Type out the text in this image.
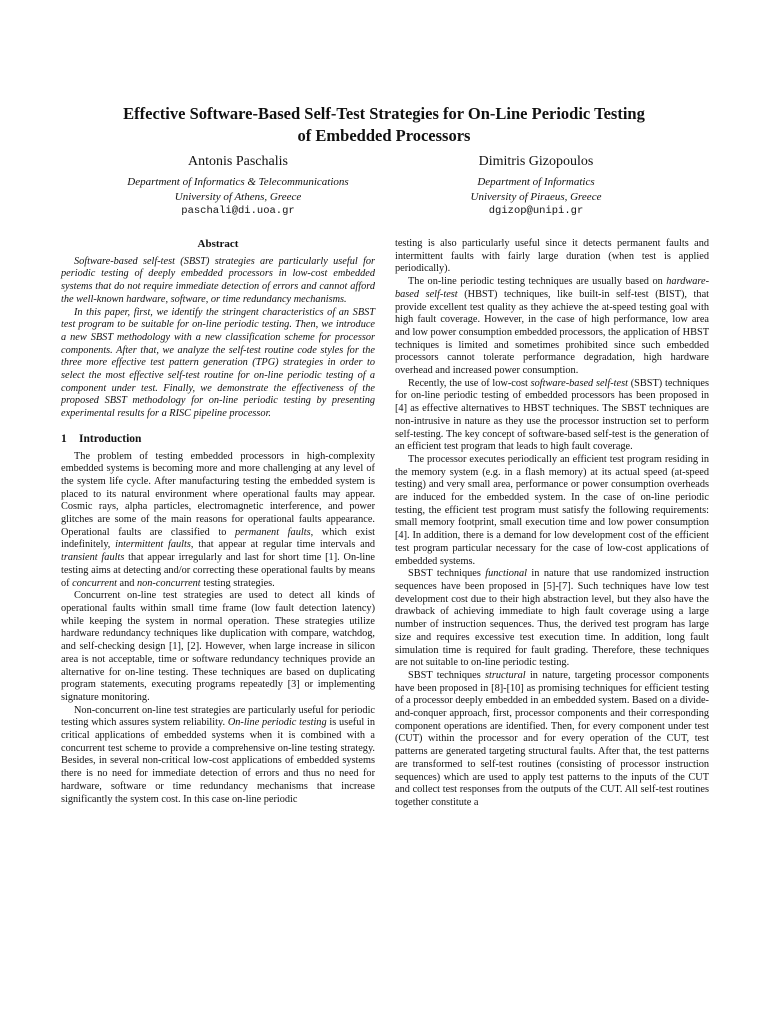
Effective Software-Based Self-Test Strategies for On-Line Periodic Testing
of Embedded Processors
Antonis Paschalis
Department of Informatics & Telecommunications
University of Athens, Greece
paschali@di.uoa.gr
Dimitris Gizopoulos
Department of Informatics
University of Piraeus, Greece
dgizop@unipi.gr
Abstract

Software-based self-test (SBST) strategies are particularly useful for periodic testing of deeply embedded processors in low-cost embedded systems that do not require immediate detection of errors and cannot afford the well-known hardware, software, or time redundancy mechanisms.

In this paper, first, we identify the stringent characteristics of an SBST test program to be suitable for on-line periodic testing. Then, we introduce a new SBST methodology with a new classification scheme for processor components. After that, we analyze the self-test routine code styles for the three more effective test pattern generation (TPG) strategies in order to select the most effective self-test routine for on-line periodic testing of a component under test. Finally, we demonstrate the effectiveness of the proposed SBST methodology for on-line periodic testing by presenting experimental results for a RISC pipeline processor.

1 Introduction

The problem of testing embedded processors in high-complexity embedded systems is becoming more and more challenging at any level of the system life cycle. After manufacturing testing the embedded system is placed to its natural environment where operational faults may appear. Cosmic rays, alpha particles, electromagnetic interference, and power glitches are some of the main reasons for operational faults appearance. Operational faults are classified to permanent faults, which exist indefinitely, intermittent faults, that appear at regular time intervals and transient faults that appear irregularly and last for short time [1]. On-line testing aims at detecting and/or correcting these operational faults by means of concurrent and non-concurrent testing strategies.

Concurrent on-line test strategies are used to detect all kinds of operational faults within small time frame (low fault detection latency) while keeping the system in normal operation. These strategies utilize hardware redundancy techniques like duplication with compare, watchdog, and self-checking design [1], [2]. However, when large increase in silicon area is not acceptable, time or software redundancy techniques provide an alternative for on-line testing. These techniques are based on duplicating program statements, executing programs repeatedly [3] or implementing signature monitoring.

Non-concurrent on-line test strategies are particularly useful for periodic testing which assures system reliability. On-line periodic testing is useful in critical applications of embedded systems when it is combined with a concurrent test scheme to provide a comprehensive on-line testing strategy. Besides, in several non-critical low-cost applications of embedded systems there is no need for immediate detection of errors and thus no need for hardware, software or time redundancy mechanisms that increase significantly the system cost. In this case on-line periodic

testing is also particularly useful since it detects permanent faults and intermittent faults with fairly large duration (when test is applied periodically).

The on-line periodic testing techniques are usually based on hardware-based self-test (HBST) techniques, like built-in self-test (BIST), that provide excellent test quality as they achieve the at-speed testing goal with high fault coverage. However, in the case of high performance, low area and low power consumption embedded processors, the application of HBST techniques is limited and sometimes prohibited since such embedded processors cannot tolerate performance degradation, high hardware overhead and increased power consumption.

Recently, the use of low-cost software-based self-test (SBST) techniques for on-line periodic testing of embedded processors has been proposed in [4] as effective alternatives to HBST techniques. The SBST techniques are non-intrusive in nature as they use the processor instruction set to perform self-testing. The key concept of software-based self-test is the generation of an efficient test program that leads to high fault coverage.

The processor executes periodically an efficient test program residing in the memory system (e.g. in a flash memory) at its actual speed (at-speed testing) and very small area, performance or power consumption overheads are induced for the embedded system. In the case of on-line periodic testing, the efficient test program must satisfy the following requirements: small memory footprint, small execution time and low power consumption [4]. In addition, there is a demand for low development cost of the efficient test program particular necessary for the case of low-cost applications of embedded systems.

SBST techniques functional in nature that use randomized instruction sequences have been proposed in [5]-[7]. Such techniques have low test development cost due to their high abstraction level, but they also have the drawback of achieving immediate to high fault coverage using a large number of instruction sequences. Thus, the derived test program has large size and requires excessive test execution time. In addition, long fault simulation time is required for fault grading. Therefore, these techniques are not suitable to on-line periodic testing.

SBST techniques structural in nature, targeting processor components have been proposed in [8]-[10] as promising techniques for efficient testing of a processor deeply embedded in an embedded system. Based on a divide-and-conquer approach, first, processor components and their corresponding component operations are identified. Then, for every component under test (CUT) within the processor and for every operation of the CUT, test patterns are generated targeting structural faults. After that, the test patterns are transformed to self-test routines (consisting of processor instruction sequences) which are used to apply test patterns to the inputs of the CUT and collect test responses from the outputs of the CUT. All self-test routines together constitute a
